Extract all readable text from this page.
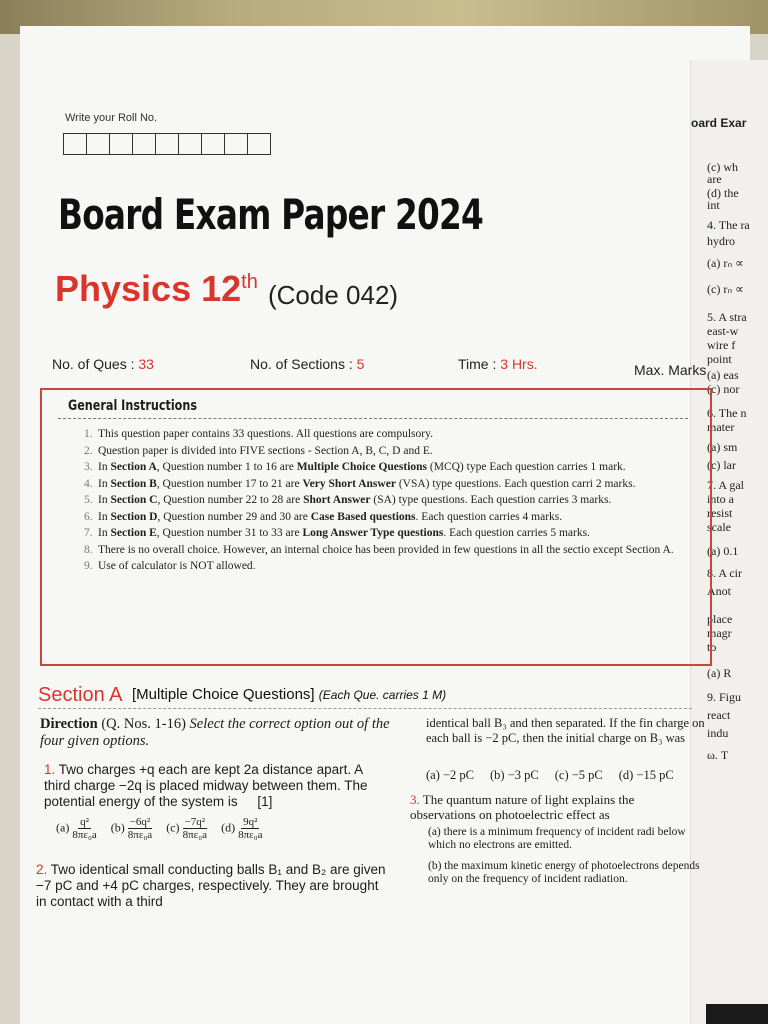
oard Exar
(c) wh
are
(d) the
int
4. The ra
hydro
(a) rₙ ∝
(c) rₙ ∝
5. A stra
east-w
wire f
point
(a) eas
(c) nor
6. The n
mater
(a) sm
(c) lar
7. A gal
into a
resist
scale
(a) 0.1
8. A cir
Anot
place
magr
to
(a) R
9. Figu
react
indu
ω. T
Write your Roll No.
Board Exam Paper 2024
Physics 12th (Code 042)
No. of Ques : 33	No. of Sections : 5	Time : 3 Hrs.	Max. Marks
General Instructions
1. This question paper contains 33 questions. All questions are compulsory.
2. Question paper is divided into FIVE sections - Section A, B, C, D and E.
3. In Section A, Question number 1 to 16 are Multiple Choice Questions (MCQ) type Each question carries 1 mark.
4. In Section B, Question number 17 to 21 are Very Short Answer (VSA) type questions. Each question carri 2 marks.
5. In Section C, Question number 22 to 28 are Short Answer (SA) type questions. Each question carries 3 marks.
6. In Section D, Question number 29 and 30 are Case Based questions. Each question carries 4 marks.
7. In Section E, Question number 31 to 33 are Long Answer Type questions. Each question carries 5 marks.
8. There is no overall choice. However, an internal choice has been provided in few questions in all the sectio except Section A.
9. Use of calculator is NOT allowed.
Section A [Multiple Choice Questions] (Each Que. carries 1 M)
Direction (Q. Nos. 1-16) Select the correct option out of the four given options.
1. Two charges +q each are kept 2a distance apart. A third charge −2q is placed midway between them. The potential energy of the system is [1]
$(a) \frac{\text{q²}}{\text{8πε₀a}} (b) \frac{\text{−6q²}}{\text{8πε₀a}} (c) \frac{\text{−7q²}}{\text{8πε₀a}} (d) \frac{\text{9q²}}{\text{8πε₀a}}$
2. Two identical small conducting balls B₁ and B₂ are given −7 pC and +4 pC charges, respectively. They are brought in contact with a third
identical ball B₃ and then separated. If the fin charge on each ball is −2 pC, then the initial charge on B₃ was
(a) −2 pC (b) −3 pC (c) −5 pC (d) −15 pC
3. The quantum nature of light explains the observations on photoelectric effect as
(a) there is a minimum frequency of incident radi below which no electrons are emitted.
(b) the maximum kinetic energy of photoelectrons depends only on the frequency of incident radiation.
